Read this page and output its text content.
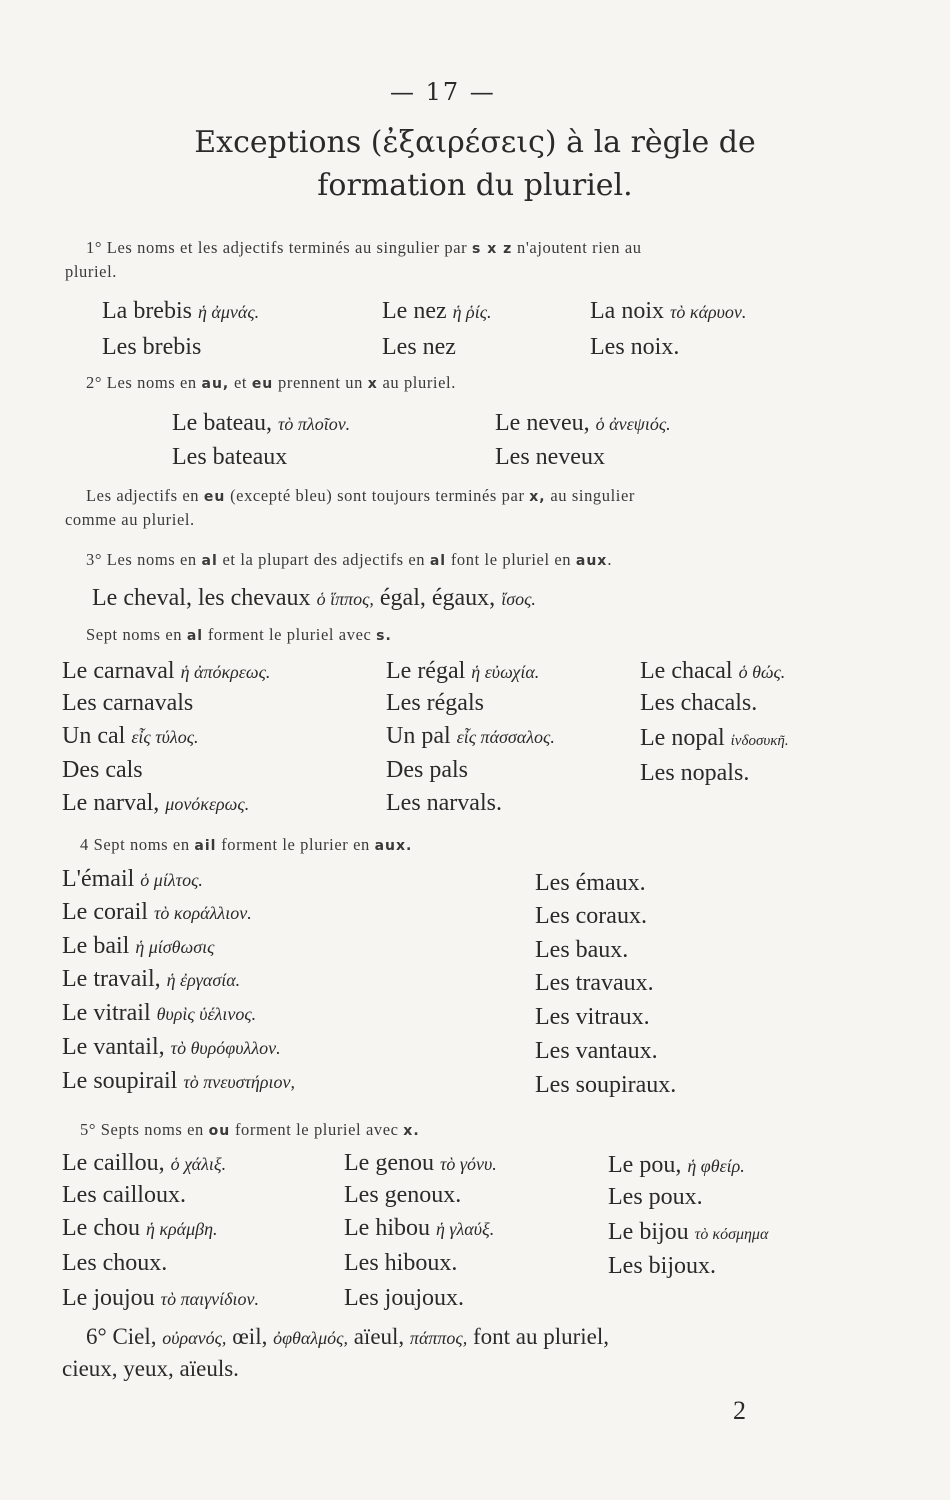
— 17 —
Exceptions (ἐξαιρέσεις) à la règle de
formation du pluriel.
1° Les noms et les adjectifs terminés au singulier par s x z n'ajoutent rien au
pluriel.
La brebis ἡ ἀμνάς.
Les brebis
Le nez ἡ ῥίς.
Les nez
La noix τὸ κάρυον.
Les noix.
2° Les noms en au, et eu prennent un x au pluriel.
Le bateau, τὸ πλοῖον.
Les bateaux
Le neveu, ὁ ἀνεψιός.
Les neveux
Les adjectifs en eu (excepté bleu) sont toujours terminés par x, au singulier
comme au pluriel.
3° Les noms en al et la plupart des adjectifs en al font le pluriel en aux.
Le cheval, les chevaux ὁ ἵππος, égal, égaux, ἴσος.
Sept noms en al forment le pluriel avec s.
Le carnaval ἡ ἀπόκρεως.
Les carnavals
Un cal εἶς τύλος.
Des cals
Le narval, μονόκερως.
Le régal ἡ εὐωχία.
Les régals
Un pal εἶς πάσσαλος.
Des pals
Les narvals.
Le chacal ὁ θώς.
Les chacals.
Le nopal ἰνδοσυκῆ.
Les nopals.
4 Sept noms en ail forment le plurier en aux.
L'émail ὁ μίλτος.
Le corail τὸ κοράλλιον.
Le bail ἡ μίσθωσις
Le travail, ἡ ἐργασία.
Le vitrail θυρὶς ὑέλινος.
Le vantail, τὸ θυρόφυλλον.
Le soupirail τὸ πνευστήριον,
Les émaux.
Les coraux.
Les baux.
Les travaux.
Les vitraux.
Les vantaux.
Les soupiraux.
5° Septs noms en ou forment le pluriel avec x.
Le caillou, ὁ χάλιξ.
Les cailloux.
Le chou ἡ κράμβη.
Les choux.
Le joujou τὸ παιγνίδιον.
Le genou τὸ γόνυ.
Les genoux.
Le hibou ἡ γλαύξ.
Les hiboux.
Les joujoux.
Le pou, ἡ φθείρ.
Les poux.
Le bijou τὸ κόσμημα
Les bijoux.
6° Ciel, οὐρανός, œil, ὀφθαλμός, aïeul, πάππος, font au pluriel,
cieux, yeux, aïeuls.
2
